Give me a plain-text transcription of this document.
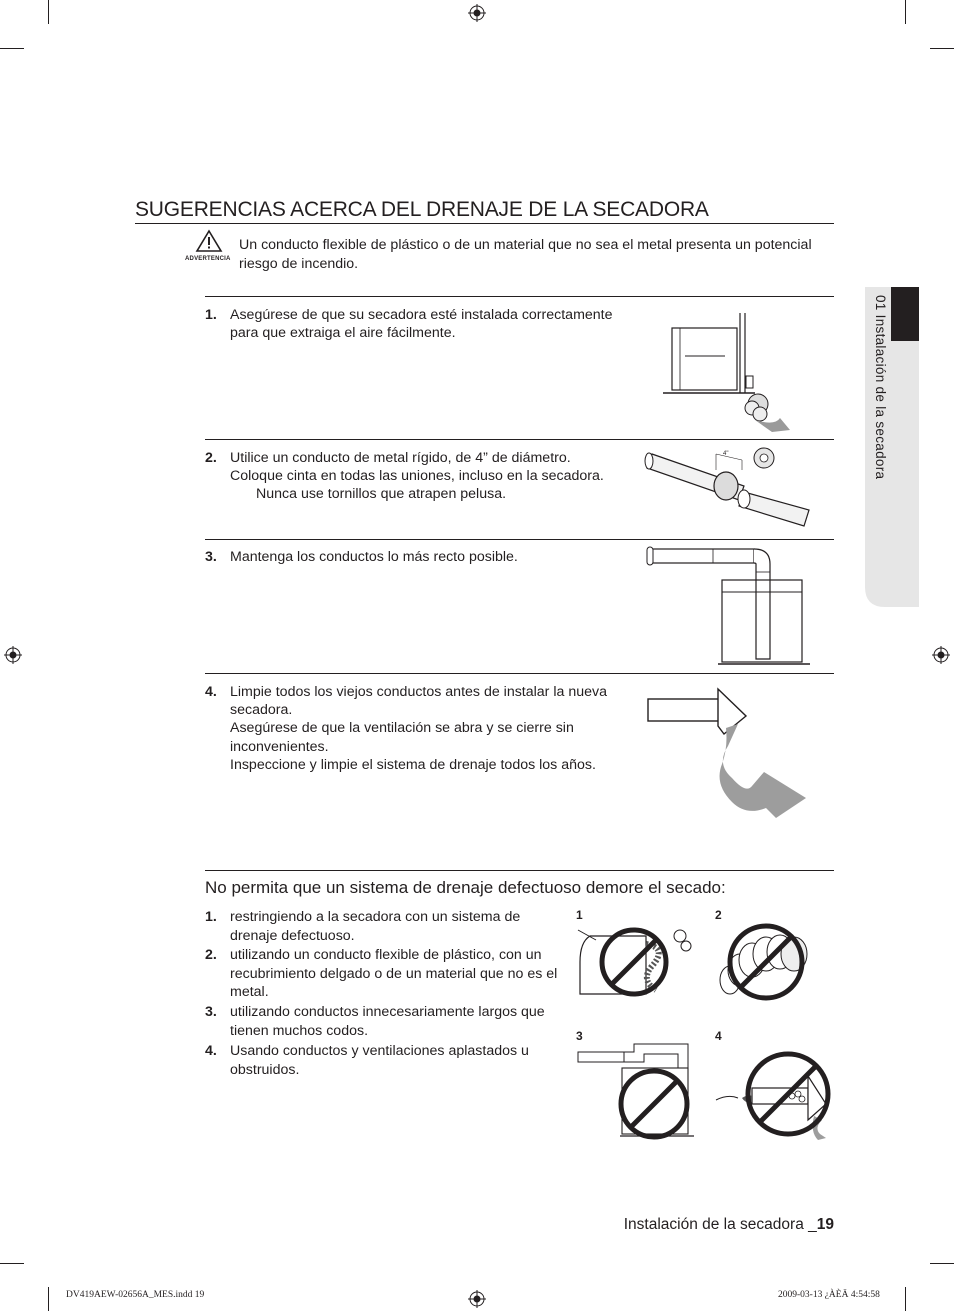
SUGERENCIAS ACERCA DEL DRENAJE DE LA SECADORA
ADVERTENCIA
Un conducto flexible de plástico o de un material que no sea el metal presenta un potencial riesgo de incendio.
01 Instalación de la secadora
1. Asegúrese de que su secadora esté instalada correctamente
para que extraiga el aire fácilmente.
2. Utilice un conducto de metal rígido, de 4” de diámetro.
Coloque cinta en todas las uniones, incluso en la secadora.
Nunca use tornillos que atrapen pelusa.
4"
3. Mantenga los conductos lo más recto posible.
4. Limpie todos los viejos conductos antes de instalar la nueva
secadora.
Asegúrese de que la ventilación se abra y se cierre sin
inconvenientes.
Inspeccione y limpie el sistema de drenaje todos los años.
No permita que un sistema de drenaje defectuoso demore el secado:
1. restringiendo a la secadora con un sistema de
drenaje defectuoso.
2. utilizando un conducto flexible de plástico, con un
recubrimiento delgado o de un material que no es el
metal.
3. utilizando conductos innecesariamente largos que
tienen muchos codos.
4. Usando conductos y ventilaciones aplastados u
obstruidos.
1	2
3	4
Instalación de la secadora _19
DV419AEW-02656A_MES.indd 19	2009-03-13 ¿ÀÈÄ 4:54:58
